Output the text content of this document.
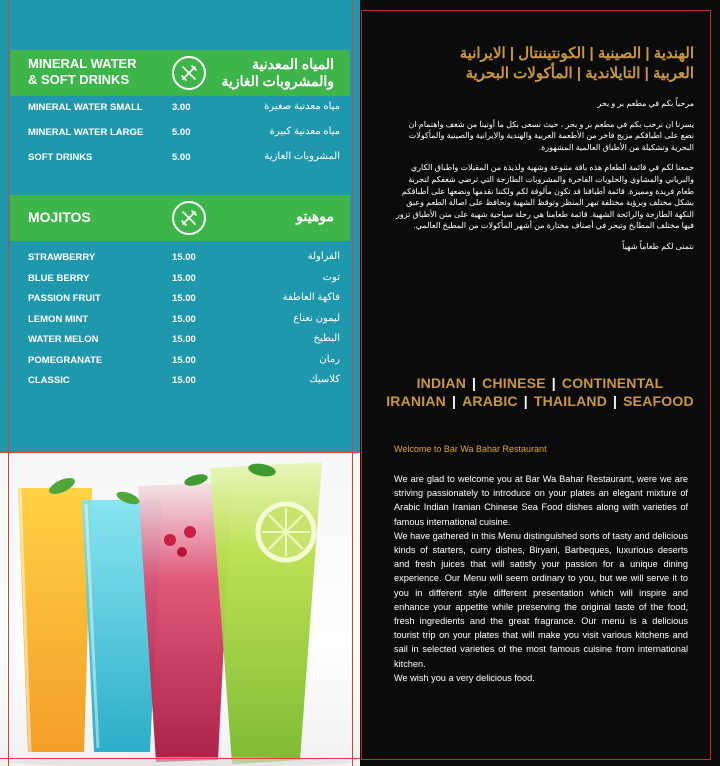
MINERAL WATER
& SOFT DRINKS
المياه المعدنية
والمشروبات الغازية
MINERAL WATER SMALL	3.00	مياه معدنية صغيرة
MINERAL WATER LARGE	5.00	مياه معدنية كبيرة
SOFT DRINKS	5.00	المشروبات الغازية
MOJITOS	موهيتو
STRAWBERRY	15.00	الفراولة
BLUE BERRY	15.00	توت
PASSION FRUIT	15.00	فاكهة العاطفة
LEMON MINT	15.00	ليمون نعناع
WATER MELON	15.00	البطيخ
POMEGRANATE	15.00	رمان
CLASSIC	15.00	كلاسيك
الهندية | الصينية | الكونتيننتال | الايرانية
العربية | التايلاندية | المأكولات البحرية

مرحباً بكم في مطعم بر و بحر

يسرنا ان نرحب بكم في مطعم بر و بحر ، حيث نسعى بكل ما أوتينا من شغف واهتمام ان نضع على اطباقكم مزيج فاخر من الأطعمة العربية والهندية والايرانية والصينية والمأكولات البحرية وتشكيلة من الأطباق العالمية المشهورة.

جمعنا لكم في قائمة الطعام هذه باقة متنوعة وشهية ولذيذة من المقبلات واطباق الكاري والبرياني والمشاوي والحلويات الفاخرة والمشروبات الطازجة التي ترضي شغفكم لتجربة طعام فريدة ومميزة. قائمة أطباقنا قد تكون مألوفة لكم ولكننا نقدمها ونضعها على أطباقكم بشكل مختلف وبرؤية مختلفة تبهر المنظر وتوقظ الشهية وتحافظ على اصالة الطعم وعبق النكهة الطازجة والرائحة الشهية. قائمة طعامنا هي رحلة سياحية شهية على متن الأطباق تزور فيها مختلف المطابخ وتبحر في أصناف مختارة من أشهر المأكولات من المطبخ العالمي.

نتمنى لكم طعاماً شهياً

INDIAN | CHINESE | CONTINENTAL
IRANIAN | ARABIC | THAILAND | SEAFOOD
Welcome to Bar Wa Bahar Restaurant

We are glad to welcome you at Bar Wa Bahar Restaurant, were we are striving passionately to introduce on your plates an elegant mixture of Arabic Indian Iranian Chinese Sea Food dishes along with varieties of famous international cuisine.

We have gathered in this Menu distinguished sorts of tasty and delicious kinds of starters, curry dishes, Biryani, Barbeques, luxurious deserts and fresh juices that will satisfy your passion for a unique dining experience. Our Menu will seem ordinary to you, but we will serve it to you in different style different presentation which will inspire and enhance your appetite while preserving the original taste of the food, fresh ingredients and the great fragrance. Our menu is a delicious tourist trip on your plates that will make you visit various kitchens and sail in selected varieties of the most famous cuisine from international kitchen.

We wish you a very delicious food.
